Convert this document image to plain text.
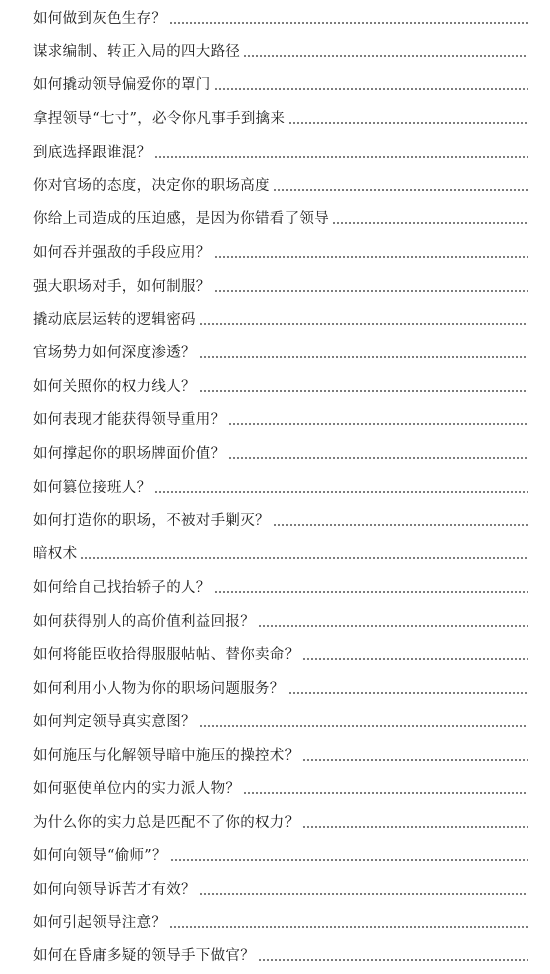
如何做到灰色生存？
谋求编制、转正入局的四大路径
如何撬动领导偏爱你的罩门
拿捏领导“七寸”，必令你凡事手到擒来
到底选择跟谁混？
你对官场的态度，决定你的职场高度
你给上司造成的压迫感，是因为你错看了领导
如何吞并强敌的手段应用？
强大职场对手，如何制服？
撬动底层运转的逻辑密码
官场势力如何深度渗透？
如何关照你的权力线人？
如何表现才能获得领导重用？
如何撑起你的职场牌面价值？
如何篡位接班人？
如何打造你的职场，不被对手剿灭？
暗权术
如何给自己找抬轿子的人？
如何获得别人的高价值利益回报？
如何将能臣收拾得服服帖帖、替你卖命？
如何利用小人物为你的职场问题服务？
如何判定领导真实意图？
如何施压与化解领导暗中施压的操控术？
如何驱使单位内的实力派人物？
为什么你的实力总是匹配不了你的权力？
如何向领导“偷师”？
如何向领导诉苦才有效？
如何引起领导注意？
如何在昏庸多疑的领导手下做官？
